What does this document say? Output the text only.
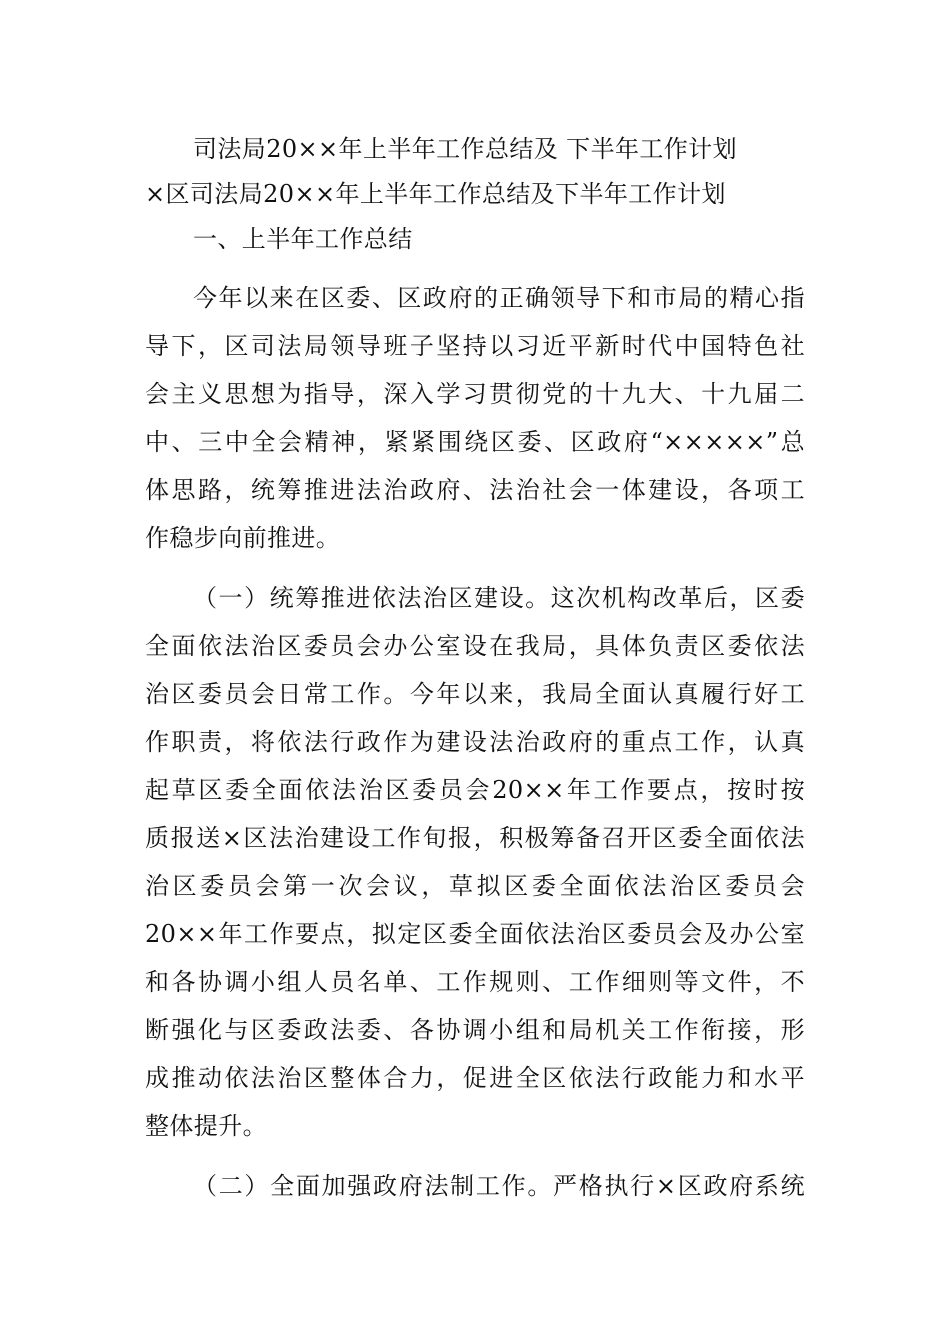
司法局20××年上半年工作总结及 下半年工作计划
×区司法局20××年上半年工作总结及下半年工作计划
一、上半年工作总结
今年以来在区委、区政府的正确领导下和市局的精心指
导下，区司法局领导班子坚持以习近平新时代中国特色社
会主义思想为指导，深入学习贯彻党的十九大、十九届二
中、三中全会精神，紧紧围绕区委、区政府“×××××”总
体思路，统筹推进法治政府、法治社会一体建设，各项工
作稳步向前推进。
（一）统筹推进依法治区建设。这次机构改革后，区委
全面依法治区委员会办公室设在我局，具体负责区委依法
治区委员会日常工作。今年以来，我局全面认真履行好工
作职责，将依法行政作为建设法治政府的重点工作，认真
起草区委全面依法治区委员会20××年工作要点，按时按
质报送×区法治建设工作旬报，积极筹备召开区委全面依法
治区委员会第一次会议，草拟区委全面依法治区委员会
20××年工作要点，拟定区委全面依法治区委员会及办公室
和各协调小组人员名单、工作规则、工作细则等文件，不
断强化与区委政法委、各协调小组和局机关工作衔接，形
成推动依法治区整体合力，促进全区依法行政能力和水平
整体提升。
（二）全面加强政府法制工作。严格执行×区政府系统
